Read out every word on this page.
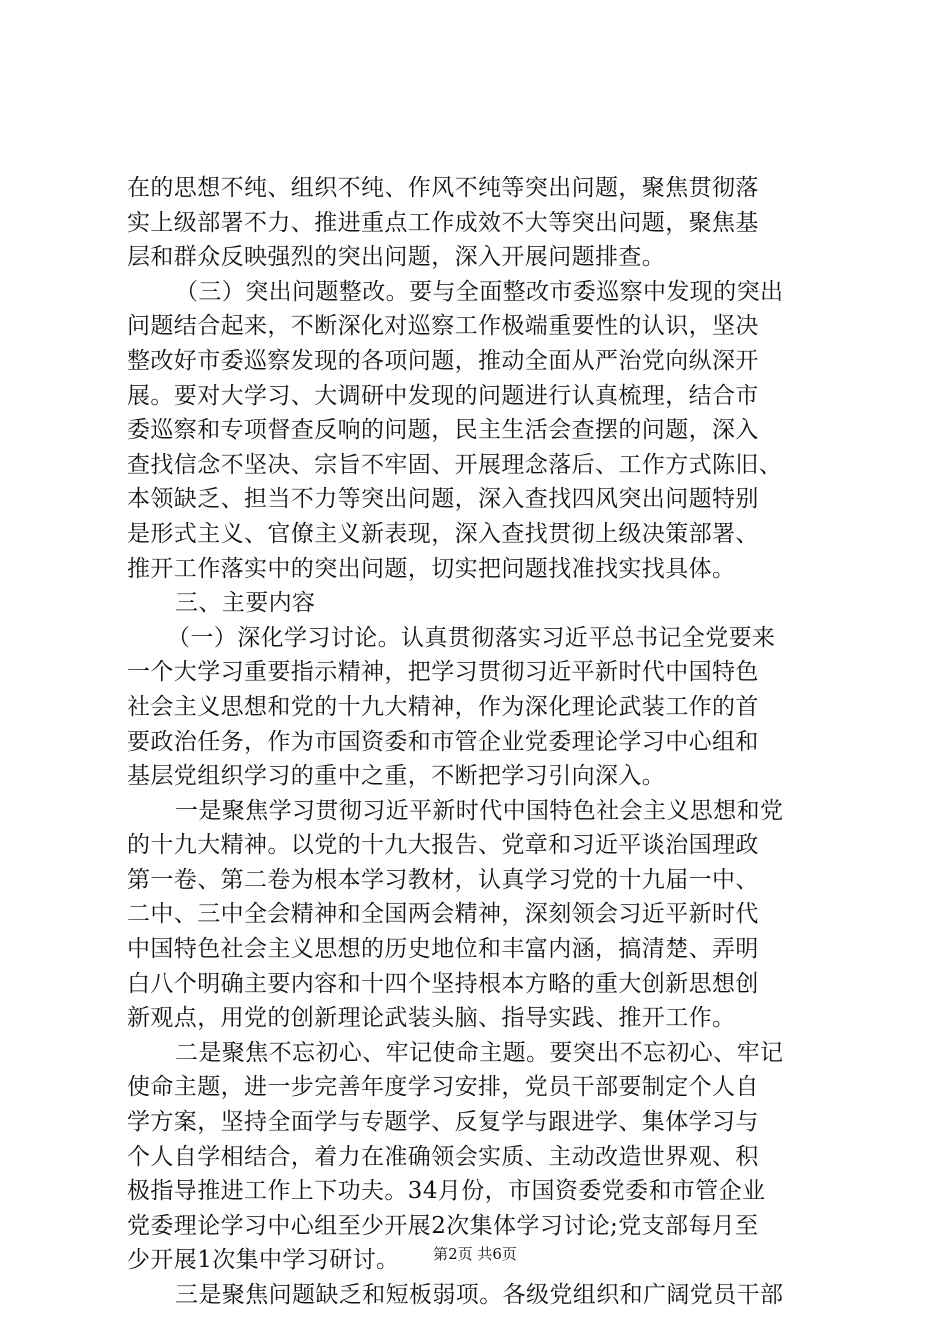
在的思想不纯、组织不纯、作风不纯等突出问题，聚焦贯彻落
实上级部署不力、推进重点工作成效不大等突出问题，聚焦基
层和群众反映强烈的突出问题，深入开展问题排查。
（三）突出问题整改。要与全面整改市委巡察中发现的突出
问题结合起来，不断深化对巡察工作极端重要性的认识，坚决
整改好市委巡察发现的各项问题，推动全面从严治党向纵深开
展。要对大学习、大调研中发现的问题进行认真梳理，结合市
委巡察和专项督查反响的问题，民主生活会查摆的问题，深入
查找信念不坚决、宗旨不牢固、开展理念落后、工作方式陈旧、
本领缺乏、担当不力等突出问题，深入查找四风突出问题特别
是形式主义、官僚主义新表现，深入查找贯彻上级决策部署、
推开工作落实中的突出问题，切实把问题找准找实找具体。
三、主要内容
（一）深化学习讨论。认真贯彻落实习近平总书记全党要来
一个大学习重要指示精神，把学习贯彻习近平新时代中国特色
社会主义思想和党的十九大精神，作为深化理论武装工作的首
要政治任务，作为市国资委和市管企业党委理论学习中心组和
基层党组织学习的重中之重，不断把学习引向深入。
一是聚焦学习贯彻习近平新时代中国特色社会主义思想和党
的十九大精神。以党的十九大报告、党章和习近平谈治国理政
第一卷、第二卷为根本学习教材，认真学习党的十九届一中、
二中、三中全会精神和全国两会精神，深刻领会习近平新时代
中国特色社会主义思想的历史地位和丰富内涵，搞清楚、弄明
白八个明确主要内容和十四个坚持根本方略的重大创新思想创
新观点，用党的创新理论武装头脑、指导实践、推开工作。
二是聚焦不忘初心、牢记使命主题。要突出不忘初心、牢记
使命主题，进一步完善年度学习安排，党员干部要制定个人自
学方案，坚持全面学与专题学、反复学与跟进学、集体学习与
个人自学相结合，着力在准确领会实质、主动改造世界观、积
极指导推进工作上下功夫。34月份，市国资委党委和市管企业
党委理论学习中心组至少开展2次集体学习讨论;党支部每月至
少开展1次集中学习研讨。
三是聚焦问题缺乏和短板弱项。各级党组织和广阔党员干部
第2页 共6页
